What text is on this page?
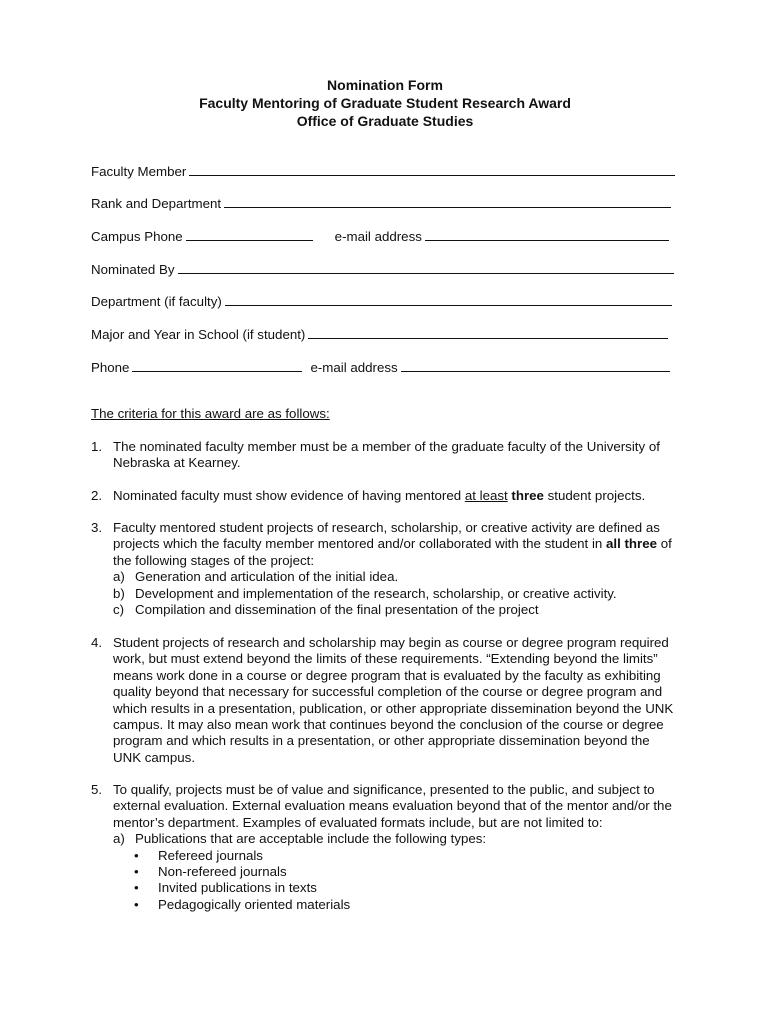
Nomination Form
Faculty Mentoring of Graduate Student Research Award
Office of Graduate Studies
Faculty Member
Rank and Department
Campus Phone	e-mail address
Nominated By
Department (if faculty)
Major and Year in School (if student)
Phone	e-mail address
The criteria for this award are as follows:
1. The nominated faculty member must be a member of the graduate faculty of the University of Nebraska at Kearney.
2. Nominated faculty must show evidence of having mentored at least three student projects.
3. Faculty mentored student projects of research, scholarship, or creative activity are defined as projects which the faculty member mentored and/or collaborated with the student in all three of the following stages of the project:
a) Generation and articulation of the initial idea.
b) Development and implementation of the research, scholarship, or creative activity.
c) Compilation and dissemination of the final presentation of the project
4. Student projects of research and scholarship may begin as course or degree program required work, but must extend beyond the limits of these requirements. “Extending beyond the limits” means work done in a course or degree program that is evaluated by the faculty as exhibiting quality beyond that necessary for successful completion of the course or degree program and which results in a presentation, publication, or other appropriate dissemination beyond the UNK campus. It may also mean work that continues beyond the conclusion of the course or degree program and which results in a presentation, or other appropriate dissemination beyond the UNK campus.
5. To qualify, projects must be of value and significance, presented to the public, and subject to external evaluation. External evaluation means evaluation beyond that of the mentor and/or the mentor’s department. Examples of evaluated formats include, but are not limited to:
a) Publications that are acceptable include the following types:
• Refereed journals
• Non-refereed journals
• Invited publications in texts
• Pedagogically oriented materials
